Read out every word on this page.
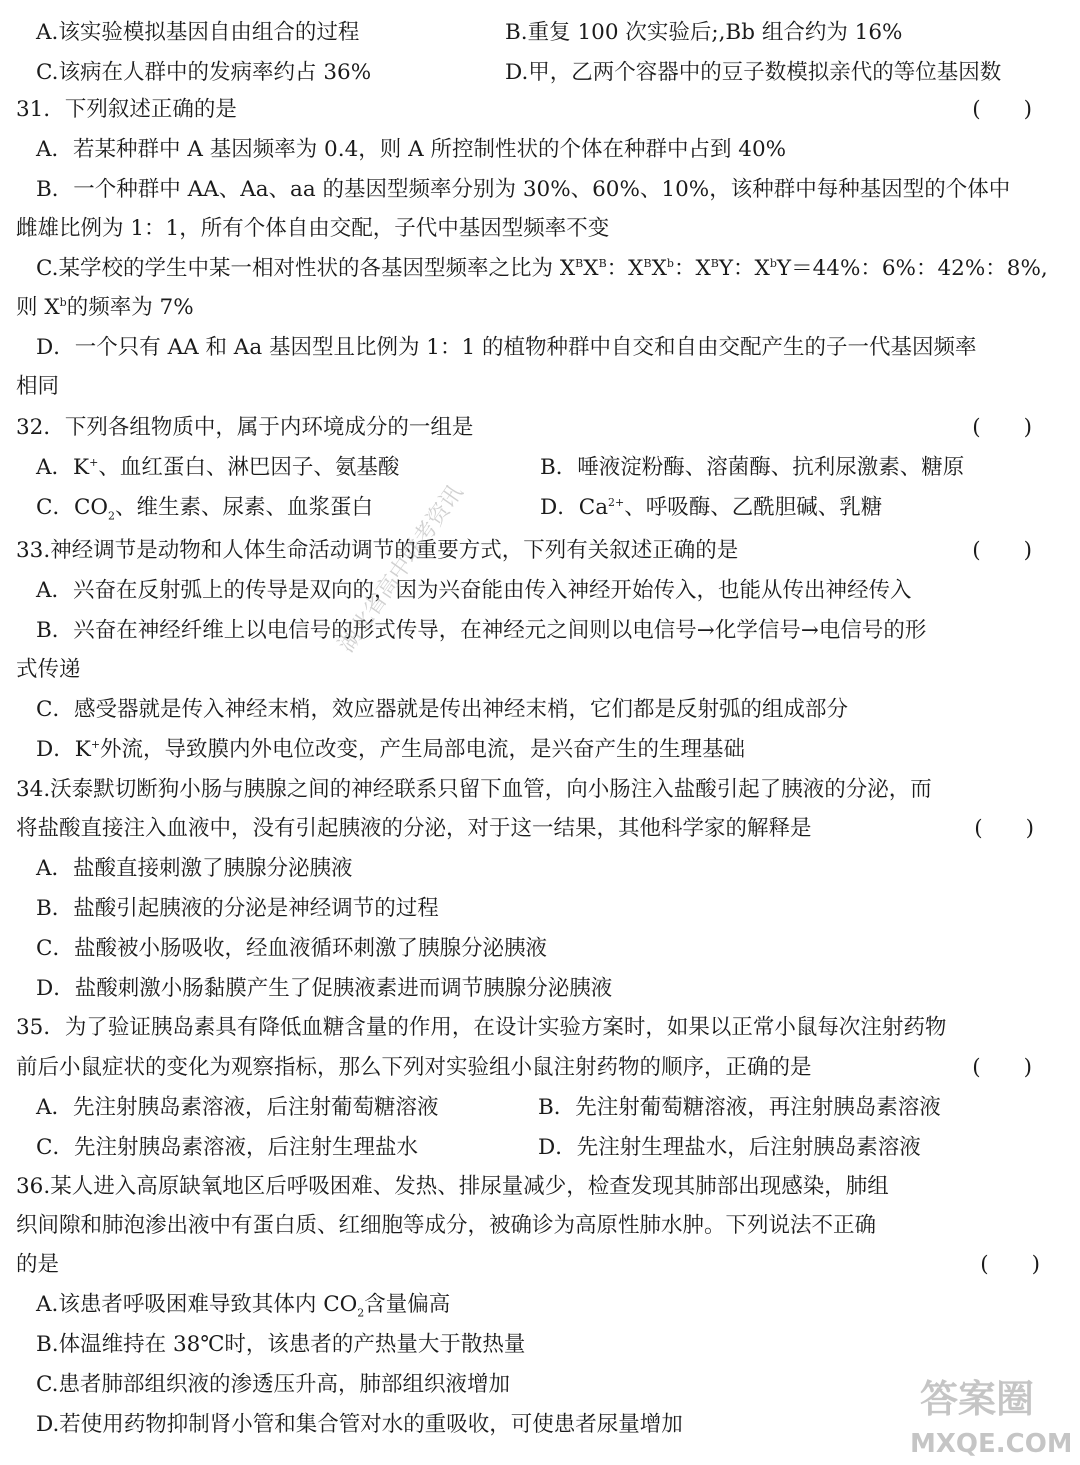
A.该实验模拟基因自由组合的过程	B.重复 100 次实验后;,Bb 组合约为 16%
C.该病在人群中的发病率约占 36%	D.甲，乙两个容器中的豆子数模拟亲代的等位基因数
31．下列叙述正确的是	(　　)
A．若某种群中 A 基因频率为 0.4，则 A 所控制性状的个体在种群中占到 40%
B．一个种群中 AA、Aa、aa 的基因型频率分别为 30%、60%、10%，该种群中每种基因型的个体中
雌雄比例为 1：1，所有个体自由交配，子代中基因型频率不变
C.某学校的学生中某一相对性状的各基因型频率之比为 $X^BX^B$：$X^BX^b$：$X^BY$：$X^bY=44\%$：6%：42%：8%,
则 $X^b$的频率为 7%
D．一个只有 AA 和 Aa 基因型且比例为 1：1 的植物种群中自交和自由交配产生的子一代基因频率
相同
32．下列各组物质中，属于内环境成分的一组是	(　　)
A．K+、血红蛋白、淋巴因子、氨基酸	B．唾液淀粉酶、溶菌酶、抗利尿激素、糖原
C．$CO_2$、维生素、尿素、血浆蛋白	D．$Ca^{2+}$、呼吸酶、乙酰胆碱、乳糖
33.神经调节是动物和人体生命活动调节的重要方式，下列有关叙述正确的是	(　　)
A．兴奋在反射弧上的传导是双向的，因为兴奋能由传入神经开始传入，也能从传出神经传入
B．兴奋在神经纤维上以电信号的形式传导，在神经元之间则以电信号→化学信号→电信号的形
式传递
C．感受器就是传入神经末梢，效应器就是传出神经末梢，它们都是反射弧的组成部分
D．K+外流，导致膜内外电位改变，产生局部电流，是兴奋产生的生理基础
34.沃泰默切断狗小肠与胰腺之间的神经联系只留下血管，向小肠注入盐酸引起了胰液的分泌，而
将盐酸直接注入血液中，没有引起胰液的分泌，对于这一结果，其他科学家的解释是	(　　)
A．盐酸直接刺激了胰腺分泌胰液
B．盐酸引起胰液的分泌是神经调节的过程
C．盐酸被小肠吸收，经血液循环刺激了胰腺分泌胰液
D．盐酸刺激小肠黏膜产生了促胰液素进而调节胰腺分泌胰液
35．为了验证胰岛素具有降低血糖含量的作用，在设计实验方案时，如果以正常小鼠每次注射药物
前后小鼠症状的变化为观察指标，那么下列对实验组小鼠注射药物的顺序，正确的是	(　　)
A．先注射胰岛素溶液，后注射葡萄糖溶液	B．先注射葡萄糖溶液，再注射胰岛素溶液
C．先注射胰岛素溶液，后注射生理盐水	D．先注射生理盐水，后注射胰岛素溶液
36.某人进入高原缺氧地区后呼吸困难、发热、排尿量减少，检查发现其肺部出现感染，肺组
织间隙和肺泡渗出液中有蛋白质、红细胞等成分，被确诊为高原性肺水肿。下列说法不正确
的是	(　　)
A.该患者呼吸困难导致其体内 $CO_2$含量偏高
B.体温维持在 38℃时，该患者的产热量大于散热量
C.患者肺部组织液的渗透压升高，肺部组织液增加
D.若使用药物抑制肾小管和集合管对水的重吸收，可使患者尿量增加
湖北省高中联考资讯
答案圈
MXQE.COM
